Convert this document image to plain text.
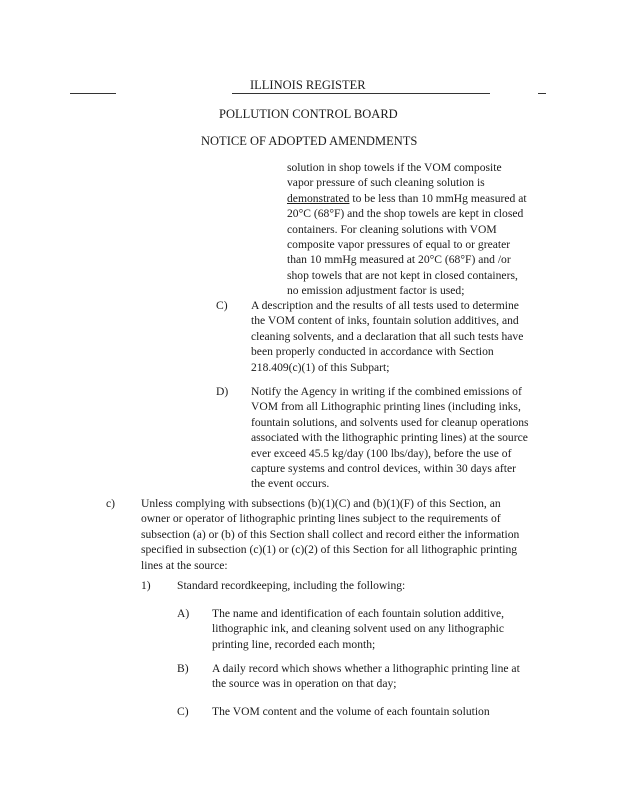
ILLINOIS REGISTER
POLLUTION CONTROL BOARD
NOTICE OF ADOPTED AMENDMENTS

solution in shop towels if the VOM composite

vapor pressure of such cleaning solution is

demonstrated to be less than 10 mmHg measured at

20°C (68°F) and the shop towels are kept in closed

containers. For cleaning solutions with VOM

composite vapor pressures of equal to or greater

than 10 mmHg measured at 20°C (68°F) and /or

shop towels that are not kept in closed containers,

no emission adjustment factor is used;

C) A description and the results of all tests used to determine

the VOM content of inks, fountain solution additives, and

cleaning solvents, and a declaration that all such tests have

been properly conducted in accordance with Section

218.409(c)(1) of this Subpart;

D) Notify the Agency in writing if the combined emissions of

VOM from all Lithographic printing lines (including inks,

fountain solutions, and solvents used for cleanup operations

associated with the lithographic printing lines) at the source

ever exceed 45.5 kg/day (100 lbs/day), before the use of

capture systems and control devices, within 30 days after

the event occurs.

c) Unless complying with subsections (b)(1)(C) and (b)(1)(F) of this Section, an

owner or operator of lithographic printing lines subject to the requirements of

subsection (a) or (b) of this Section shall collect and record either the information

specified in subsection (c)(1) or (c)(2) of this Section for all lithographic printing

lines at the source:

1) Standard recordkeeping, including the following:
A) The name and identification of each fountain solution additive,

lithographic ink, and cleaning solvent used on any lithographic

printing line, recorded each month;

B) A daily record which shows whether a lithographic printing line at

the source was in operation on that day;

C) The VOM content and the volume of each fountain solution
